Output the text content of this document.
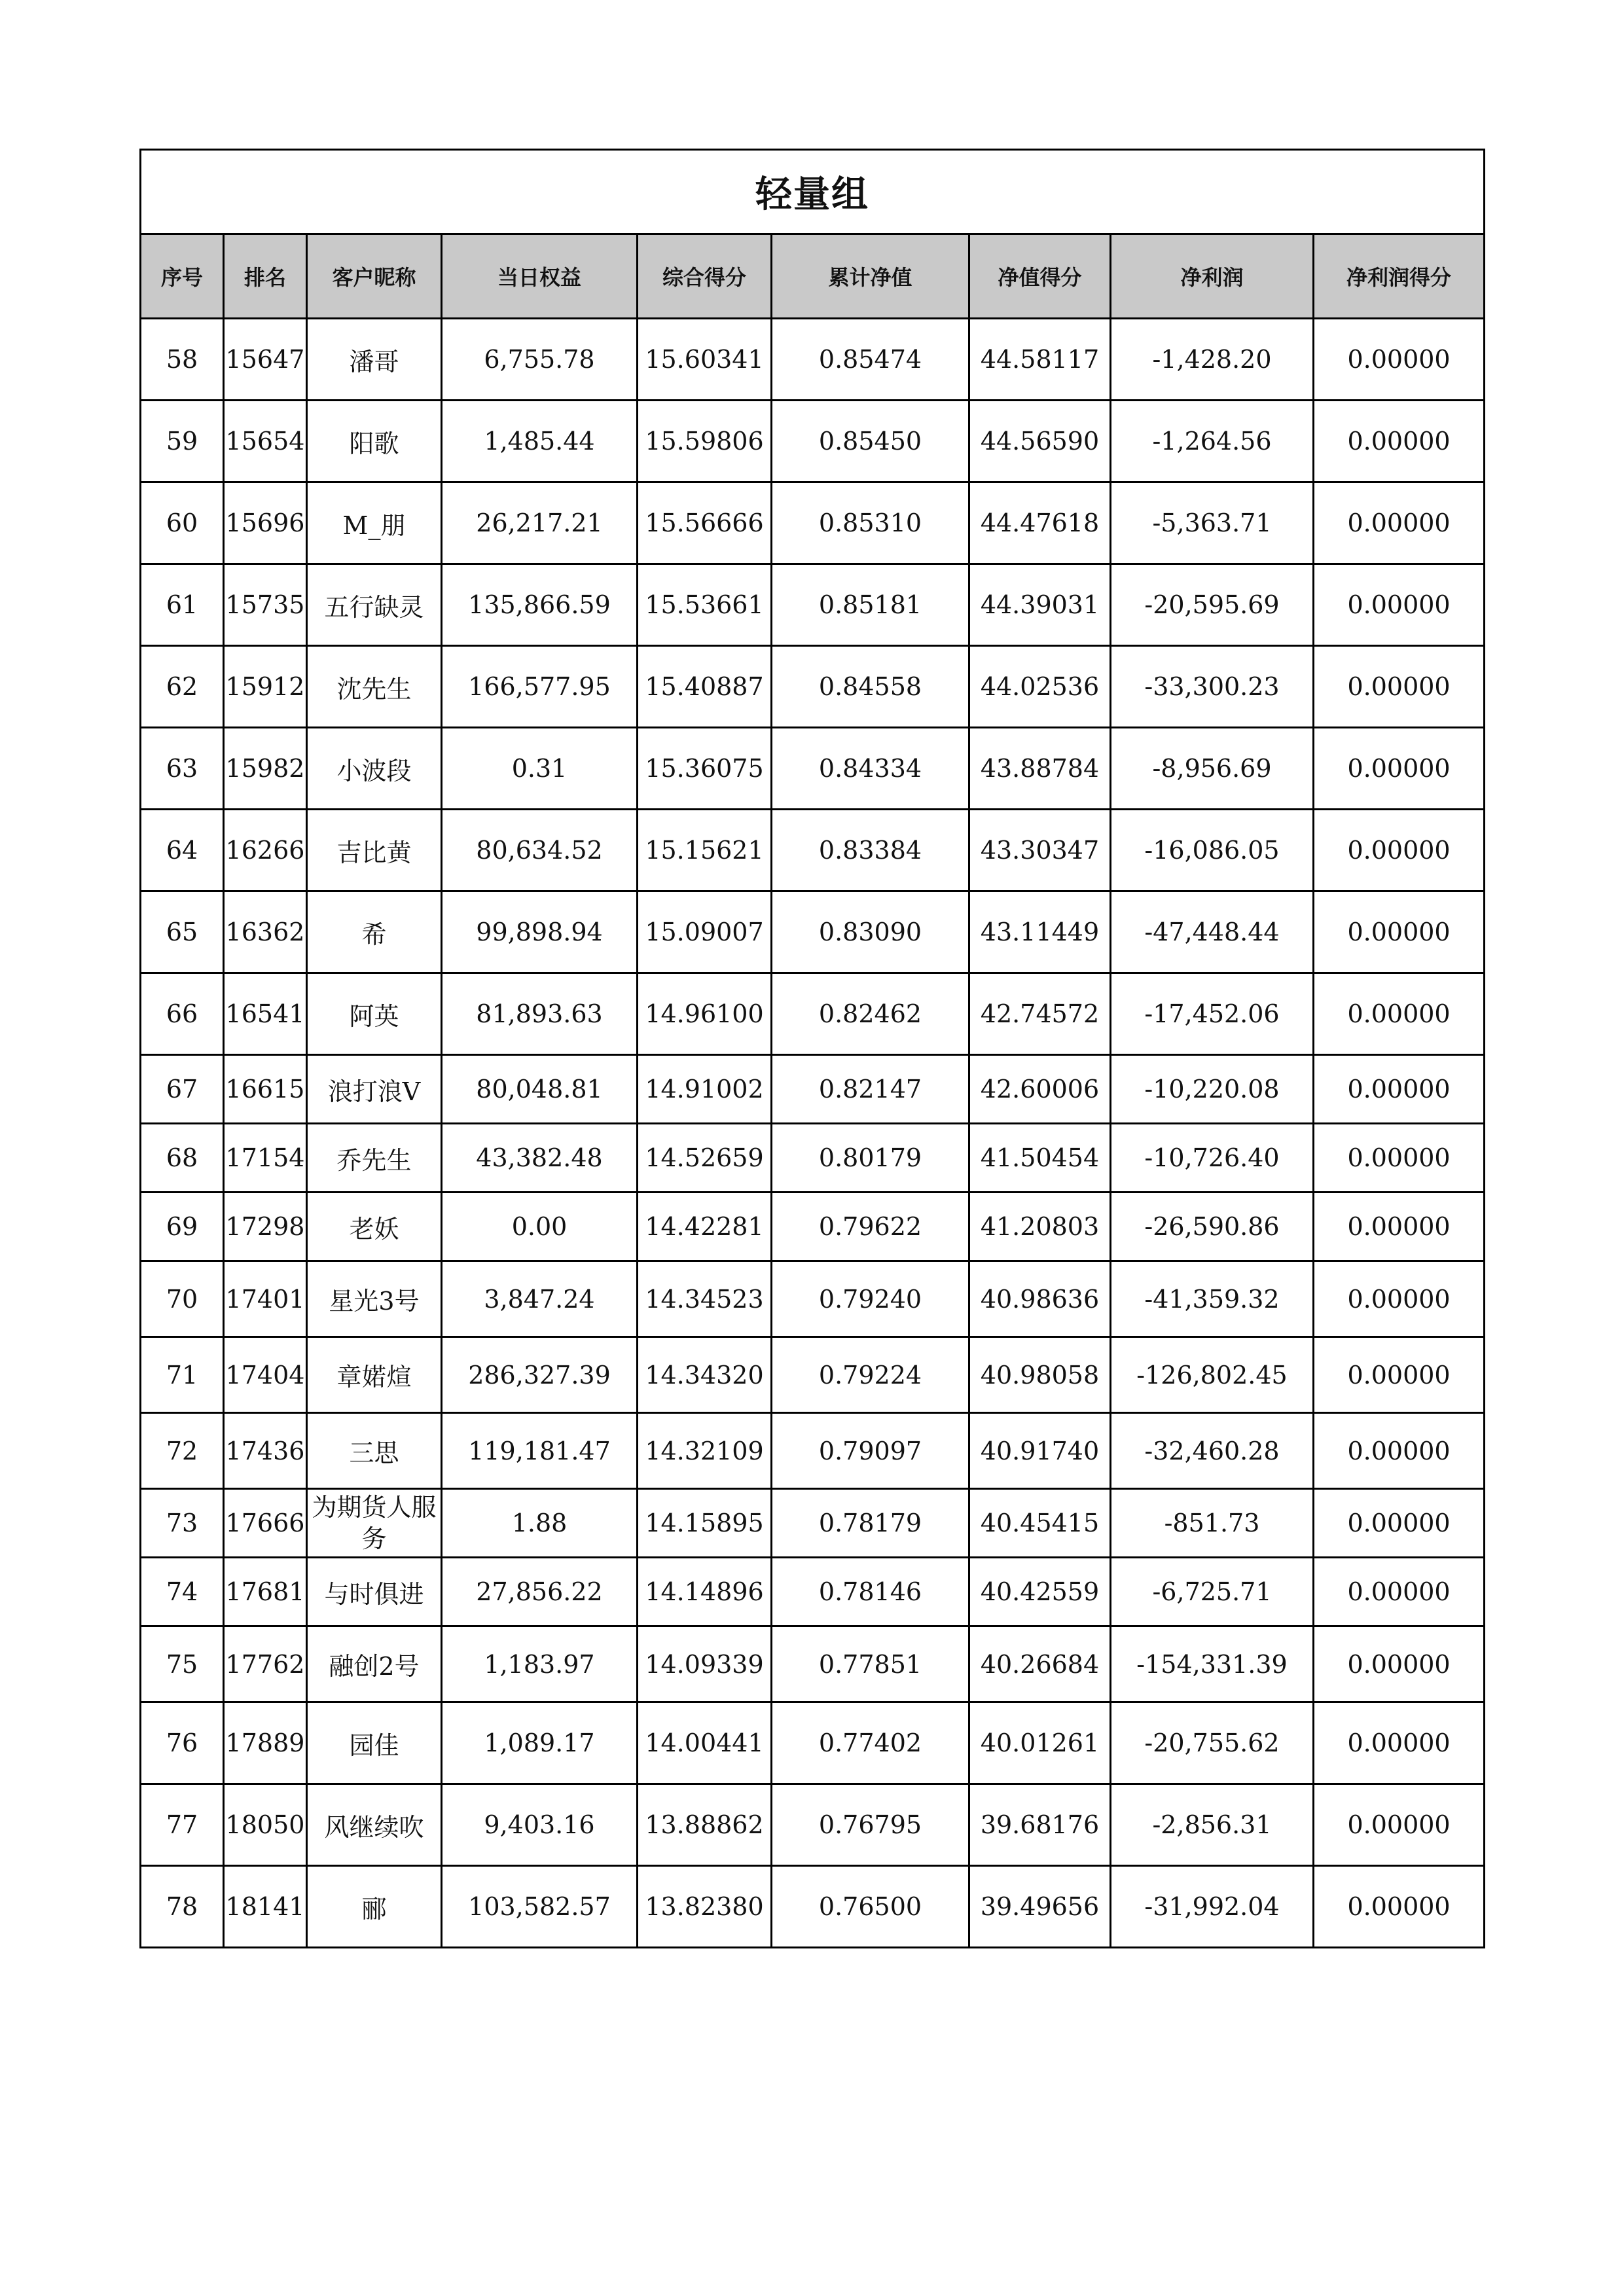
轻量组								
序号	排名	客户昵称	当日权益	综合得分	累计净值	净值得分	净利润	净利润得分
58	15647	潘哥	6,755.78	15.60341	0.85474	44.58117	-1,428.20	0.00000
59	15654	阳歌	1,485.44	15.59806	0.85450	44.56590	-1,264.56	0.00000
60	15696	M_朋	26,217.21	15.56666	0.85310	44.47618	-5,363.71	0.00000
61	15735	五行缺灵	135,866.59	15.53661	0.85181	44.39031	-20,595.69	0.00000
62	15912	沈先生	166,577.95	15.40887	0.84558	44.02536	-33,300.23	0.00000
63	15982	小波段	0.31	15.36075	0.84334	43.88784	-8,956.69	0.00000
64	16266	吉比黄	80,634.52	15.15621	0.83384	43.30347	-16,086.05	0.00000
65	16362	希	99,898.94	15.09007	0.83090	43.11449	-47,448.44	0.00000
66	16541	阿英	81,893.63	14.96100	0.82462	42.74572	-17,452.06	0.00000
67	16615	浪打浪V	80,048.81	14.91002	0.82147	42.60006	-10,220.08	0.00000
68	17154	乔先生	43,382.48	14.52659	0.80179	41.50454	-10,726.40	0.00000
69	17298	老妖	0.00	14.42281	0.79622	41.20803	-26,590.86	0.00000
70	17401	星光3号	3,847.24	14.34523	0.79240	40.98636	-41,359.32	0.00000
71	17404	章婼煊	286,327.39	14.34320	0.79224	40.98058	-126,802.45	0.00000
72	17436	三思	119,181.47	14.32109	0.79097	40.91740	-32,460.28	0.00000
73	17666	为期货人服务	1.88	14.15895	0.78179	40.45415	-851.73	0.00000
74	17681	与时俱进	27,856.22	14.14896	0.78146	40.42559	-6,725.71	0.00000
75	17762	融创2号	1,183.97	14.09339	0.77851	40.26684	-154,331.39	0.00000
76	17889	园佳	1,089.17	14.00441	0.77402	40.01261	-20,755.62	0.00000
77	18050	风继续吹	9,403.16	13.88862	0.76795	39.68176	-2,856.31	0.00000
78	18141	郦	103,582.57	13.82380	0.76500	39.49656	-31,992.04	0.00000
